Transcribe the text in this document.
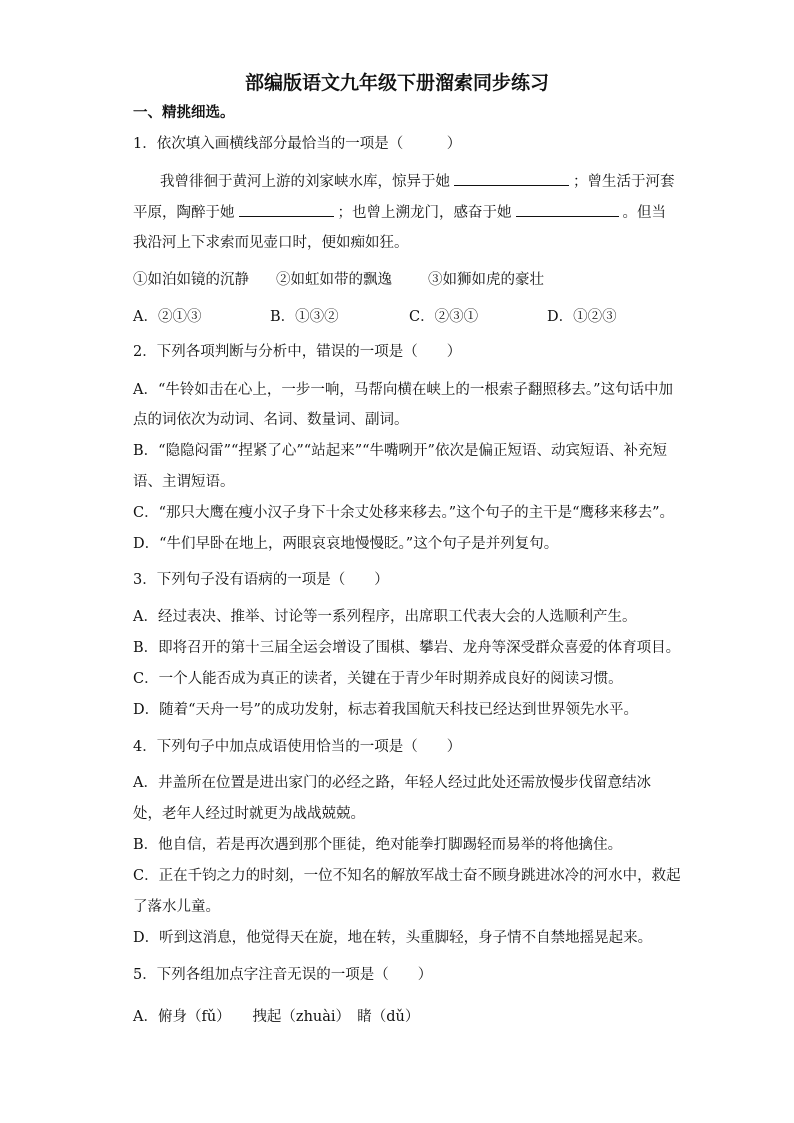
部编版语文九年级下册溜索同步练习
一、精挑细选。
1．依次填入画横线部分最恰当的一项是（　　　）
我曾徘徊于黄河上游的刘家峡水库，惊异于她	；曾生活于河套
平原，陶醉于她	；也曾上溯龙门，感奋于她	。但当
我沿河上下求索而见壶口时，便如痴如狂。
①如泊如镜的沉静 ②如虹如带的飘逸 ③如狮如虎的豪壮
A．②①③	B．①③②	C．②③①	D．①②③
2．下列各项判断与分析中，错误的一项是（　　）
A．“牛铃如击在心上，一步一响，马帮向横在峡上的一根索子翻照移去。”这句话中加
点的词依次为动词、名词、数量词、副词。
B．“隐隐闷雷”“捏紧了心”“站起来”“牛嘴咧开”依次是偏正短语、动宾短语、补充短
语、主谓短语。
C．“那只大鹰在瘦小汉子身下十余丈处移来移去。”这个句子的主干是“鹰移来移去”。
D．“牛们早卧在地上，两眼哀哀地慢慢眨。”这个句子是并列复句。
3．下列句子没有语病的一项是（　　）
A．经过表决、推举、讨论等一系列程序，出席职工代表大会的人选顺利产生。
B．即将召开的第十三届全运会增设了围棋、攀岩、龙舟等深受群众喜爱的体育项目。
C．一个人能否成为真正的读者，关键在于青少年时期养成良好的阅读习惯。
D．随着“天舟一号”的成功发射，标志着我国航天科技已经达到世界领先水平。
4．下列句子中加点成语使用恰当的一项是（　　）
A．井盖所在位置是进出家门的必经之路，年轻人经过此处还需放慢步伐留意结冰
处，老年人经过时就更为战战兢兢。
B．他自信，若是再次遇到那个匪徒，绝对能拳打脚踢轻而易举的将他擒住。
C．正在千钧之力的时刻，一位不知名的解放军战士奋不顾身跳进冰冷的河水中，救起
了落水儿童。
D．听到这消息，他觉得天在旋，地在转，头重脚轻，身子情不自禁地摇晃起来。
5．下列各组加点字注音无误的一项是（　　）
A．俯身（fǔ）　　拽起（zhuài）　睹（dǔ）
